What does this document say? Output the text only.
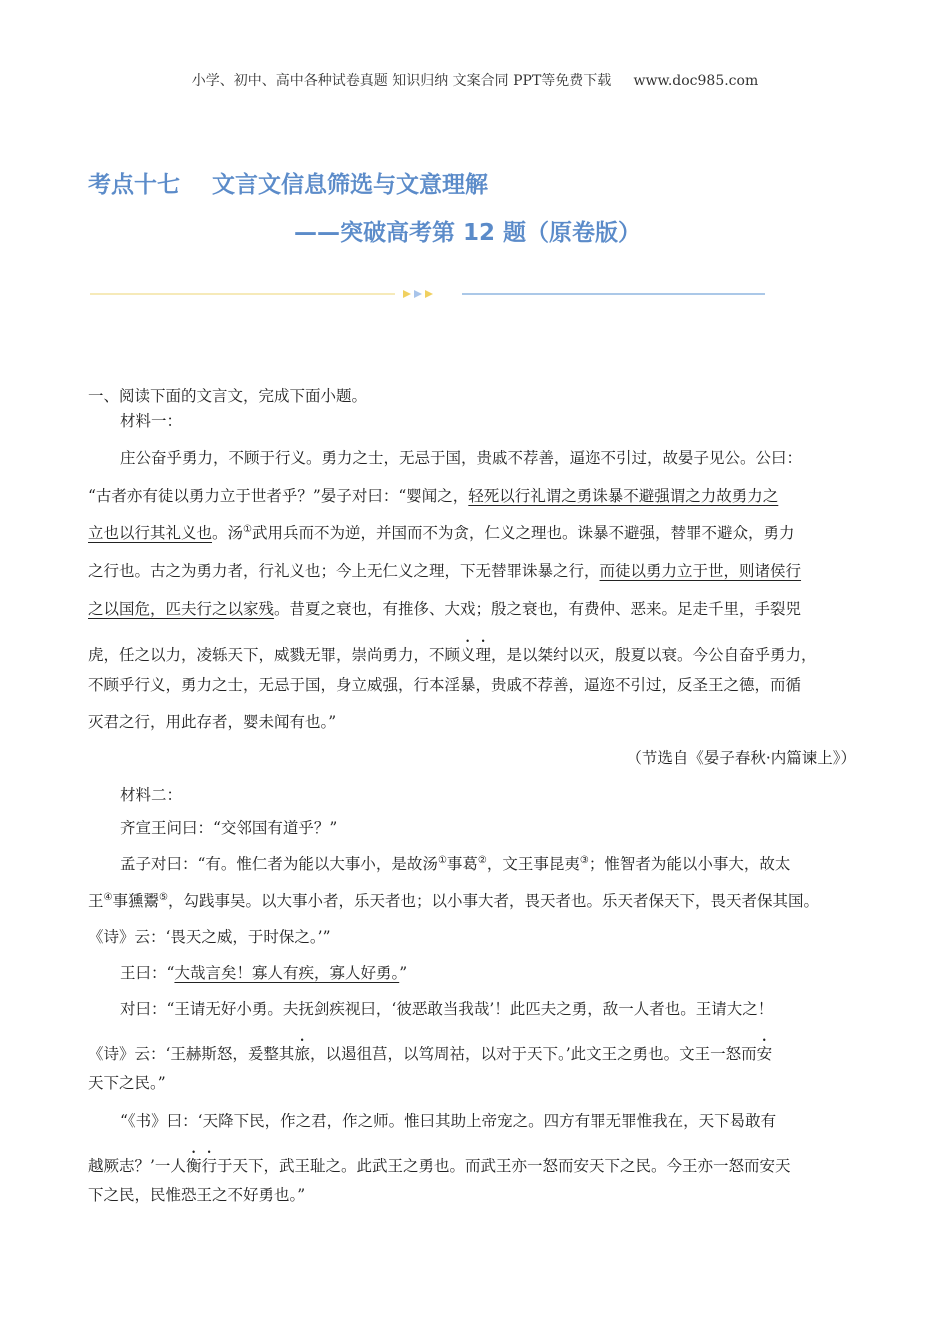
小学、初中、高中各种试卷真题 知识归纳 文案合同 PPT等免费下载     www.doc985.com
考点十七    文言文信息筛选与文意理解
——突破高考第 12 题（原卷版）
一、阅读下面的文言文，完成下面小题。
材料一：
庄公奋乎勇力，不顾于行义。勇力之士，无忌于国，贵戚不荐善，逼迩不引过，故晏子见公。公曰：
“古者亦有徒以勇力立于世者乎？”晏子对曰：“婴闻之，轻死以行礼谓之勇诛暴不避强谓之力故勇力之
立也以行其礼义也。汤①武用兵而不为逆，并国而不为贪，仁义之理也。诛暴不避强，替罪不避众，勇力
之行也。古之为勇力者，行礼义也；今上无仁义之理，下无替罪诛暴之行，而徒以勇力立于世，则诸侯行
之以国危，匹夫行之以家残。昔夏之衰也，有推侈、大戏；殷之衰也，有费仲、恶来。足走千里，手裂兕
虎，任之以力，凌轹天下，威戮无罪，崇尚勇力，不顾义理，是以桀纣以灭，殷夏以衰。今公自奋乎勇力，
不顾乎行义，勇力之士，无忌于国，身立威强，行本淫暴，贵戚不荐善，逼迩不引过，反圣王之德，而循
灭君之行，用此存者，婴未闻有也。”
（节选自《晏子春秋·内篇谏上》）
材料二：
齐宣王问曰：“交邻国有道乎？”
孟子对曰：“有。惟仁者为能以大事小，是故汤①事葛②，文王事昆夷③；惟智者为能以小事大，故太
王④事獯鬻⑤，勾践事吴。以大事小者，乐天者也；以小事大者，畏天者也。乐天者保天下，畏天者保其国。
《诗》云：‘畏天之威，于时保之。’”
王曰：“大哉言矣！寡人有疾，寡人好勇。”
对曰：“王请无好小勇。夫抚剑疾视曰，‘彼恶敢当我哉’！此匹夫之勇，敌一人者也。王请大之！
《诗》云：‘王赫斯怒，爰整其旅，以遏徂莒，以笃周祜，以对于天下。’此文王之勇也。文王一怒而安
天下之民。”
“《书》曰：‘天降下民，作之君，作之师。惟曰其助上帝宠之。四方有罪无罪惟我在，天下曷敢有
越厥志？’一人衡行于天下，武王耻之。此武王之勇也。而武王亦一怒而安天下之民。今王亦一怒而安天
下之民，民惟恐王之不好勇也。”
